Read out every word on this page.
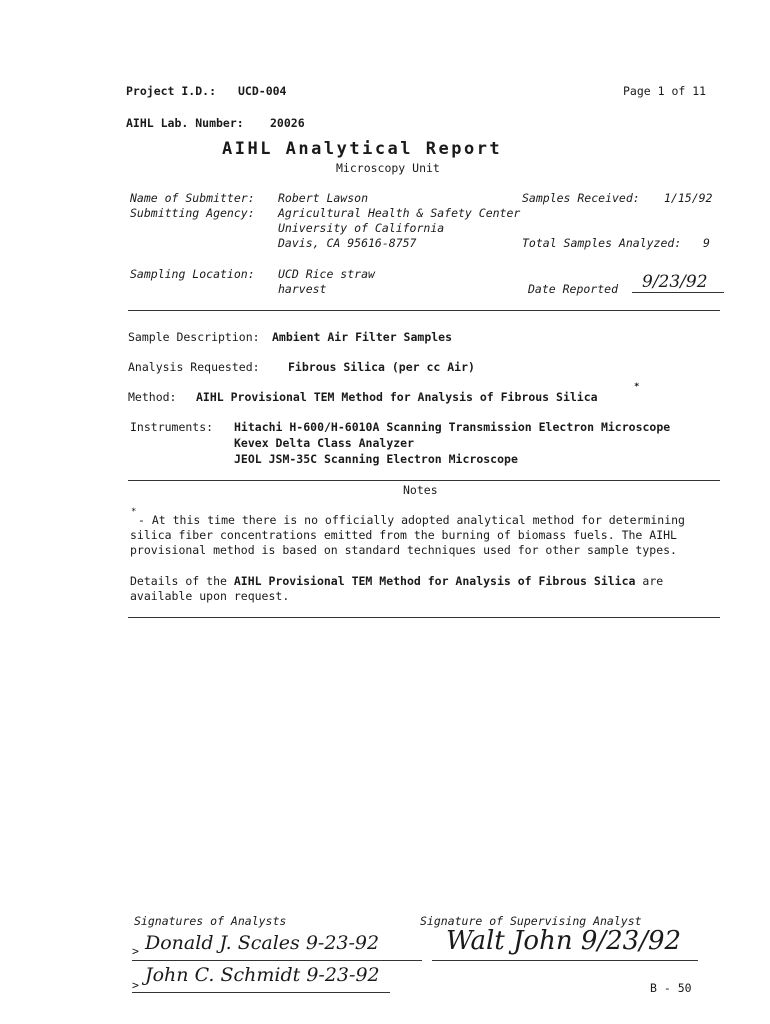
Project I.D.: UCD-004	Page 1 of 11
AIHL Lab. Number: 20026
AIHL Analytical Report
Microscopy Unit
Name of Submitter: Robert Lawson	Samples Received: 1/15/92
Submitting Agency: Agricultural Health & Safety Center
University of California
Davis, CA 95616-8757	Total Samples Analyzed: 9
Sampling Location: UCD Rice straw
harvest	Date Reported 9/23/92
Sample Description: Ambient Air Filter Samples
Analysis Requested: Fibrous Silica (per cc Air)
Method: AIHL Provisional TEM Method for Analysis of Fibrous Silica
*
Instruments: Hitachi H-600/H-6010A Scanning Transmission Electron Microscope
Kevex Delta Class Analyzer
JEOL JSM-35C Scanning Electron Microscope
Notes
*
- At this time there is no officially adopted analytical method for determining
silica fiber concentrations emitted from the burning of biomass fuels. The AIHL
provisional method is based on standard techniques used for other sample types.
Details of the AIHL Provisional TEM Method for Analysis of Fibrous Silica are
available upon request.
Signatures of Analysts	Signature of Supervising Analyst
> Donald J. Scales 9-23-92
> John C. Schmidt 9-23-92
Walt John 9/23/92
B - 50
